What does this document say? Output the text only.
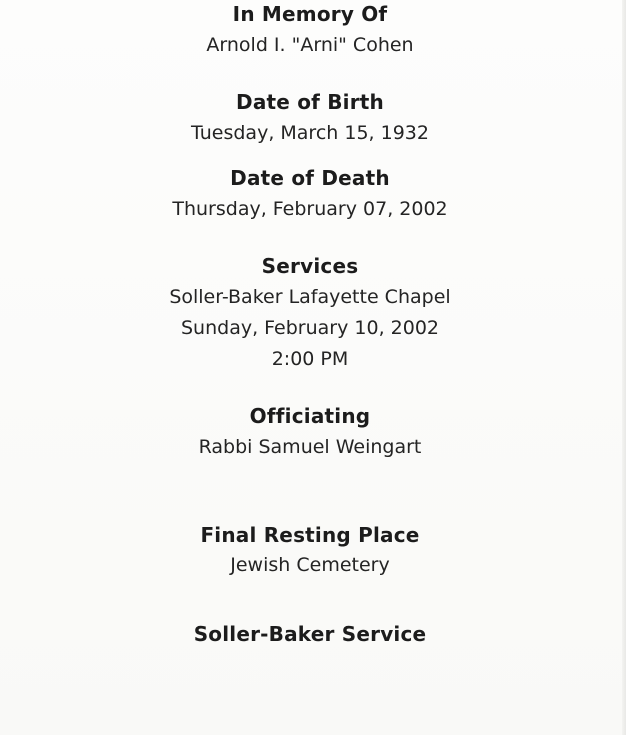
In Memory Of
Arnold I. "Arni" Cohen
Date of Birth
Tuesday, March 15, 1932
Date of Death
Thursday, February 07, 2002
Services
Soller-Baker Lafayette Chapel
Sunday, February 10, 2002
2:00 PM
Officiating
Rabbi Samuel Weingart
Final Resting Place
Jewish Cemetery
Soller-Baker Service
